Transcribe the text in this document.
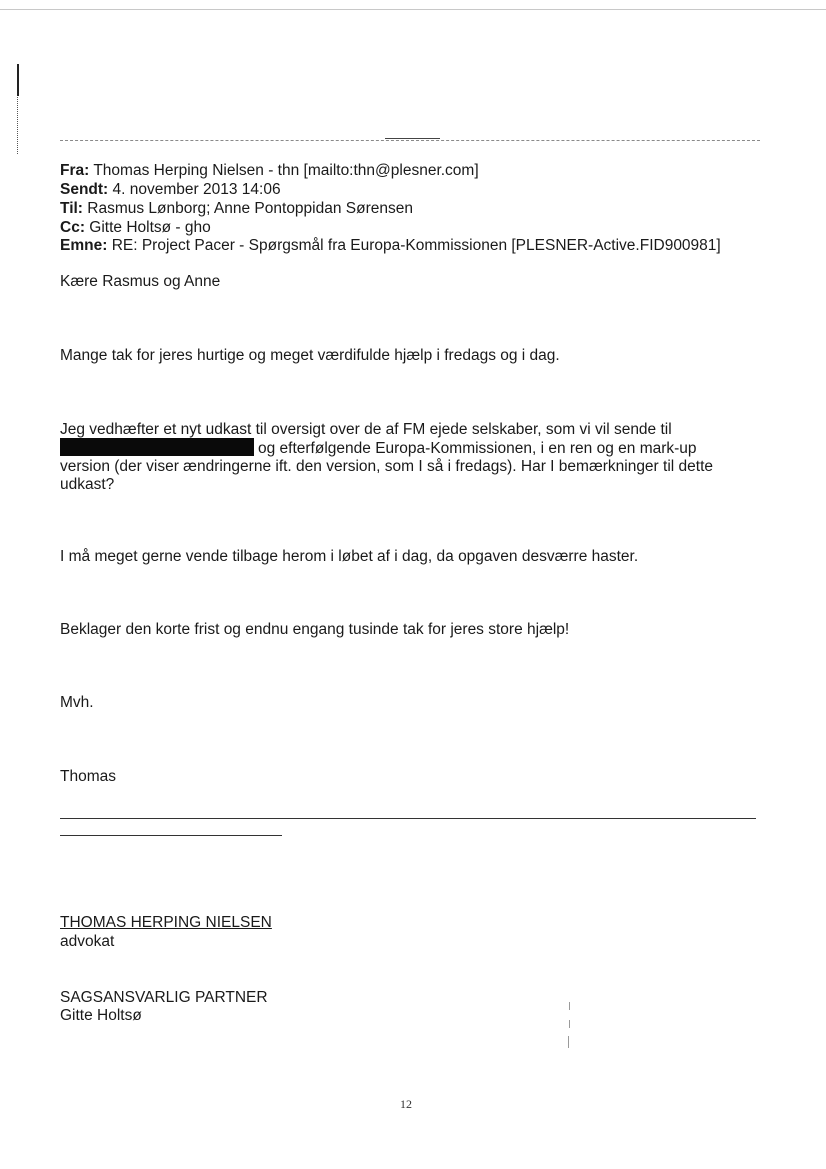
Fra: Thomas Herping Nielsen - thn [mailto:thn@plesner.com]
Sendt: 4. november 2013 14:06
Til: Rasmus Lønborg; Anne Pontoppidan Sørensen
Cc: Gitte Holtsø - gho
Emne: RE: Project Pacer - Spørgsmål fra Europa-Kommissionen [PLESNER-Active.FID900981]
Kære Rasmus og Anne
Mange tak for jeres hurtige og meget værdifulde hjælp i fredags og i dag.
Jeg vedhæfter et nyt udkast til oversigt over de af FM ejede selskaber, som vi vil sende til
og efterfølgende Europa-Kommissionen, i en ren og en mark-up
version (der viser ændringerne ift. den version, som I så i fredags). Har I bemærkninger til dette
udkast?
I må meget gerne vende tilbage herom i løbet af i dag, da opgaven desværre haster.
Beklager den korte frist og endnu engang tusinde tak for jeres store hjælp!
Mvh.
Thomas
THOMAS HERPING NIELSEN
advokat
SAGSANSVARLIG PARTNER
Gitte Holtsø
12
